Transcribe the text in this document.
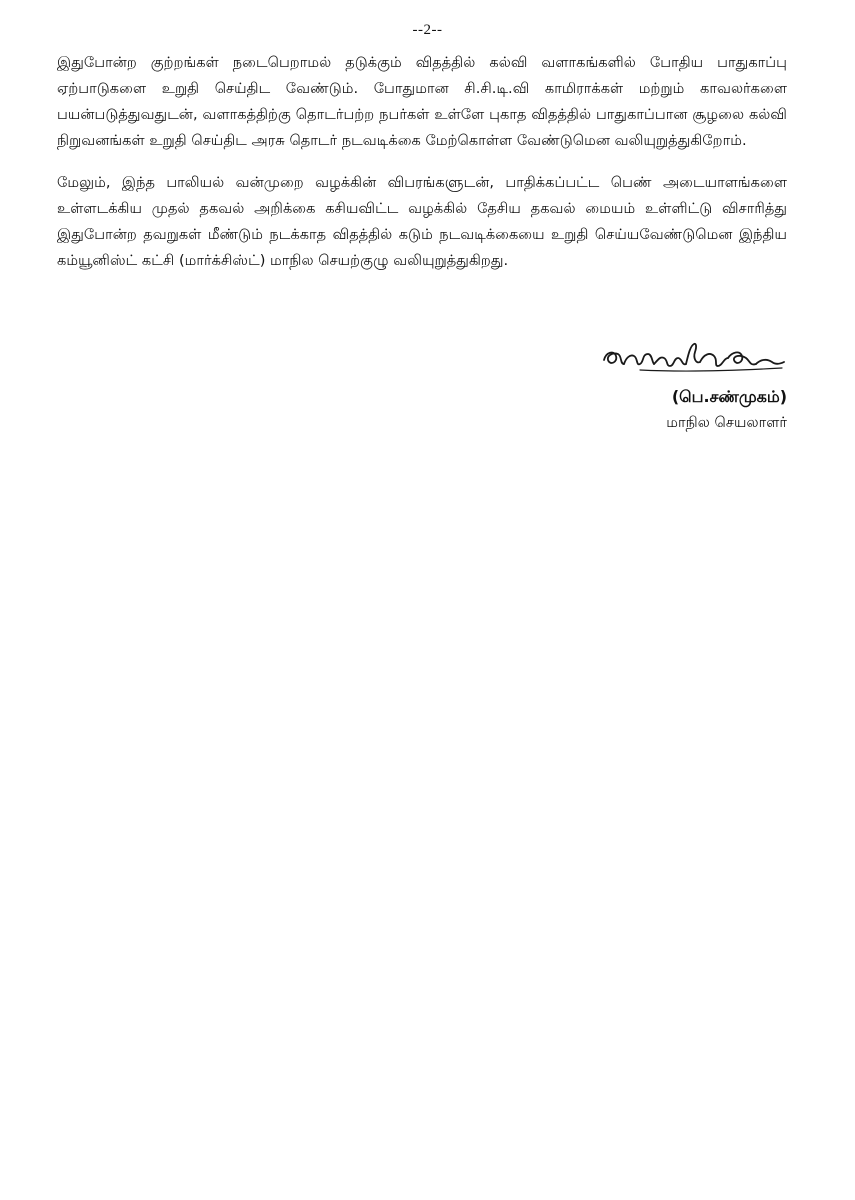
--2--

இதுபோன்ற குற்றங்கள் நடைபெறாமல் தடுக்கும் விதத்தில் கல்வி வளாகங்களில் போதிய பாதுகாப்பு ஏற்பாடுகளை உறுதி செய்திட வேண்டும். போதுமான சி.சி.டி.வி காமிராக்கள் மற்றும் காவலர்களை பயன்படுத்துவதுடன், வளாகத்திற்கு தொடர்பற்ற நபர்கள் உள்ளே புகாத விதத்தில் பாதுகாப்பான சூழலை கல்வி நிறுவனங்கள் உறுதி செய்திட அரசு தொடர் நடவடிக்கை மேற்கொள்ள வேண்டுமென வலியுறுத்துகிறோம்.

மேலும், இந்த பாலியல் வன்முறை வழக்கின் விபரங்களுடன், பாதிக்கப்பட்ட பெண் அடையாளங்களை உள்ளடக்கிய முதல் தகவல் அறிக்கை கசியவிட்ட வழக்கில் தேசிய தகவல் மையம் உள்ளிட்டு விசாரித்து இதுபோன்ற தவறுகள் மீண்டும் நடக்காத விதத்தில் கடும் நடவடிக்கையை உறுதி செய்யவேண்டுமென இந்திய கம்யூனிஸ்ட் கட்சி (மார்க்சிஸ்ட்) மாநில செயற்குழு வலியுறுத்துகிறது.

(பெ.சண்முகம்)
மாநில செயலாளர்
